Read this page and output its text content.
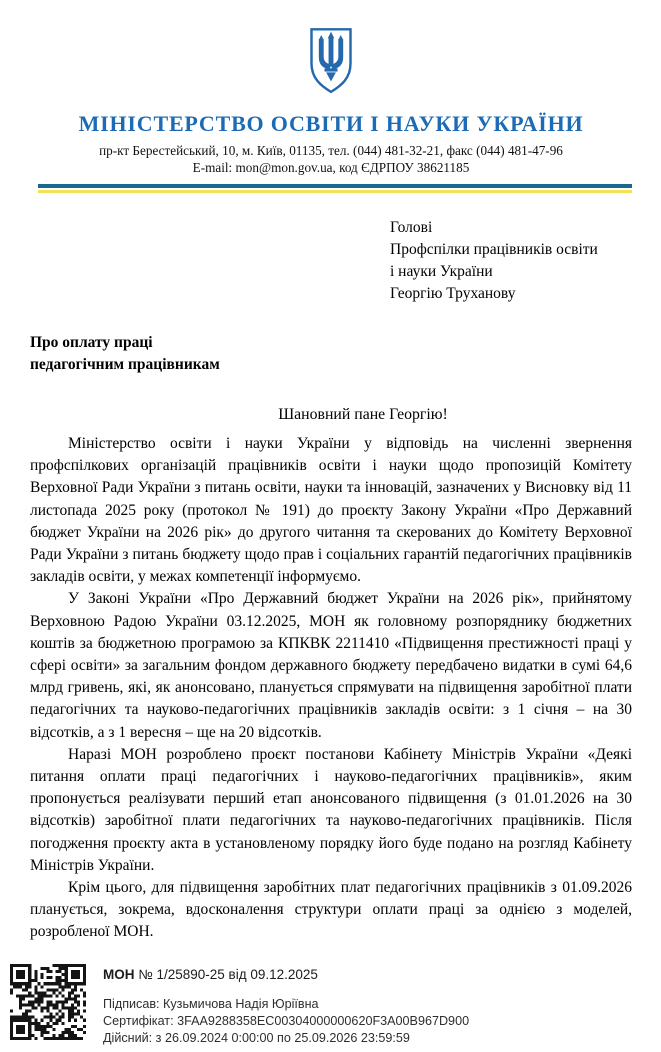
МІНІСТЕРСТВО ОСВІТИ І НАУКИ УКРАЇНИ
пр-кт Берестейський, 10, м. Київ, 01135, тел. (044) 481-32-21, факс (044) 481-47-96
E-mail: mon@mon.gov.ua, код ЄДРПОУ 38621185
Голові
Профспілки працівників освіти
і науки України
Георгію Труханову
Про оплату праці
педагогічним працівникам
Шановний пане Георгію!

Міністерство освіти і науки України у відповідь на численні звернення профспілкових організацій працівників освіти і науки щодо пропозицій Комітету Верховної Ради України з питань освіти, науки та інновацій, зазначених у Висновку від 11 листопада 2025 року (протокол № 191) до проєкту Закону України «Про Державний бюджет України на 2026 рік» до другого читання та скерованих до Комітету Верховної Ради України з питань бюджету щодо прав і соціальних гарантій педагогічних працівників закладів освіти, у межах компетенції інформуємо.

У Законі України «Про Державний бюджет України на 2026 рік», прийнятому Верховною Радою України 03.12.2025, МОН як головному розпоряднику бюджетних коштів за бюджетною програмою за КПКВК 2211410 «Підвищення престижності праці у сфері освіти» за загальним фондом державного бюджету передбачено видатки в сумі 64,6 млрд гривень, які, як анонсовано, планується спрямувати на підвищення заробітної плати педагогічних та науково-педагогічних працівників закладів освіти: з 1 січня – на 30 відсотків, а з 1 вересня – ще на 20 відсотків.

Наразі МОН розроблено проєкт постанови Кабінету Міністрів України «Деякі питання оплати праці педагогічних і науково-педагогічних працівників», яким пропонується реалізувати перший етап анонсованого підвищення (з 01.01.2026 на 30 відсотків) заробітної плати педагогічних та науково-педагогічних працівників. Після погодження проєкту акта в установленому порядку його буде подано на розгляд Кабінету Міністрів України.

Крім цього, для підвищення заробітних плат педагогічних працівників з 01.09.2026 планується, зокрема, вдосконалення структури оплати праці за однією з моделей, розробленої МОН.

МОН № 1/25890-25 від 09.12.2025
Підписав: Кузьмичова Надія Юріївна
Сертифікат: 3FAA9288358EC00304000000620F3A00B967D900
Дійсний: з 26.09.2024 0:00:00 по 25.09.2026 23:59:59
